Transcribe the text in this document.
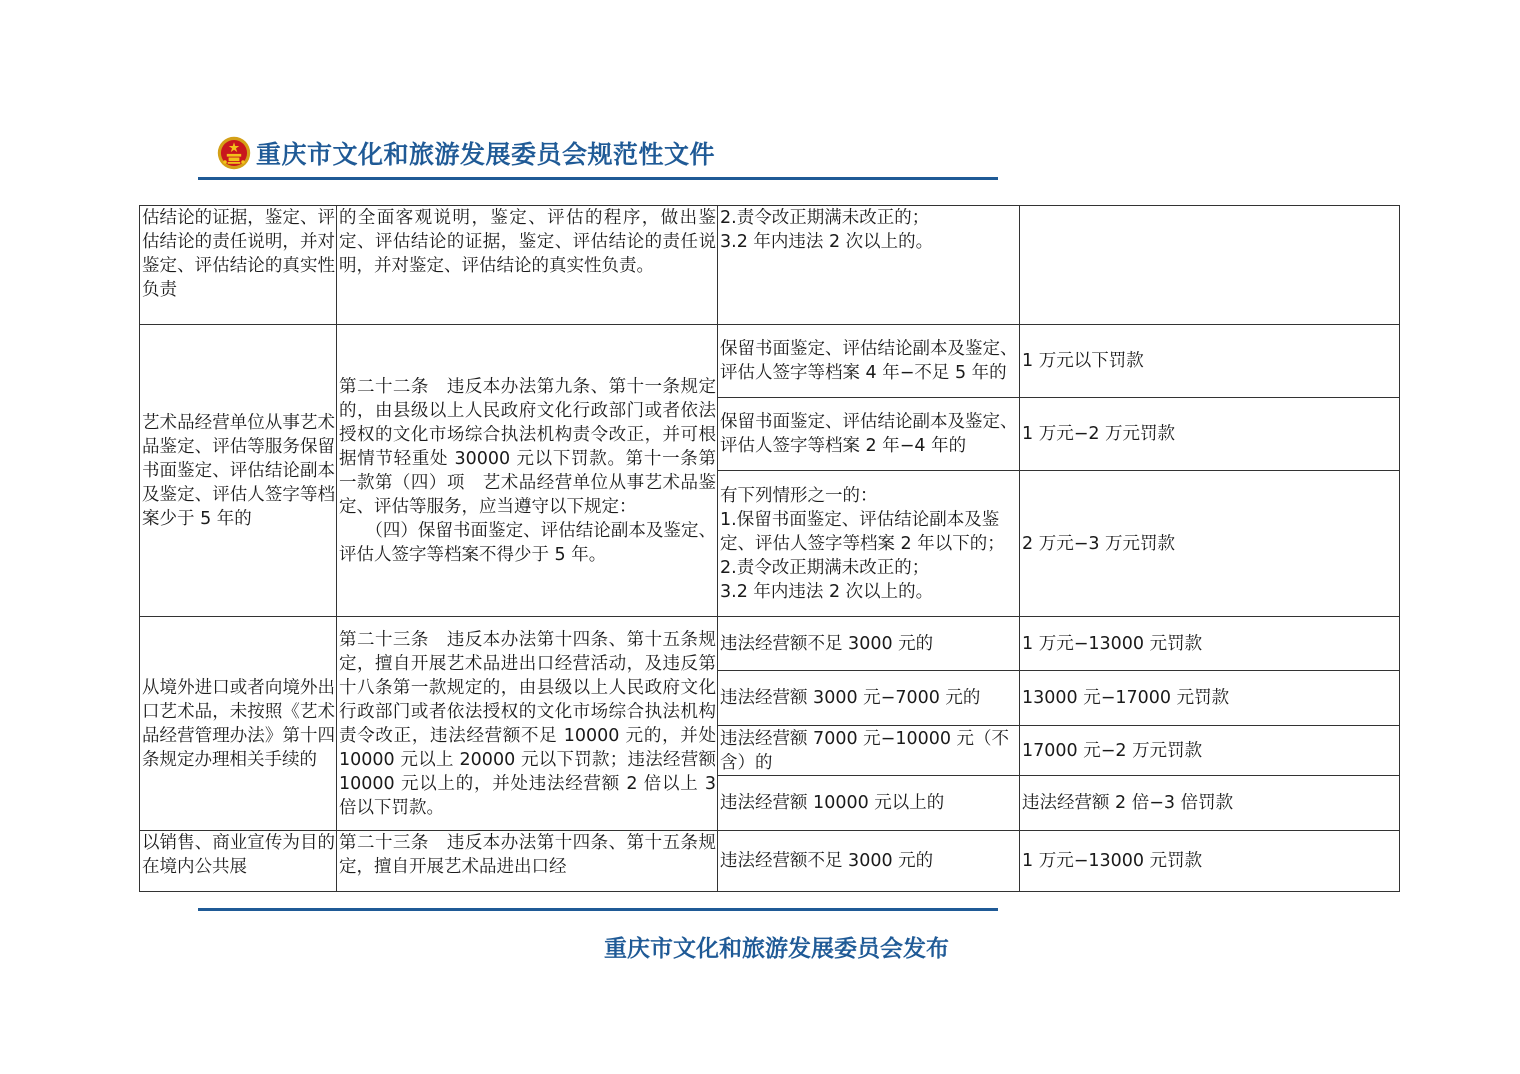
重庆市文化和旅游发展委员会规范性文件
估结论的证据，鉴定、评估结论的责任说明，并对鉴定、评估结论的真实性负责	的全面客观说明，鉴定、评估的程序，做出鉴定、评估结论的证据，鉴定、评估结论的责任说明，并对鉴定、评估结论的真实性负责。	2.责令改正期满未改正的；
3.2 年内违法 2 次以上的。	
艺术品经营单位从事艺术品鉴定、评估等服务保留书面鉴定、评估结论副本及鉴定、评估人签字等档案少于 5 年的	第二十二条　违反本办法第九条、第十一条规定的，由县级以上人民政府文化行政部门或者依法授权的文化市场综合执法机构责令改正，并可根据情节轻重处 30000 元以下罚款。第十一条第一款第（四）项　艺术品经营单位从事艺术品鉴定、评估等服务，应当遵守以下规定：
　　（四）保留书面鉴定、评估结论副本及鉴定、评估人签字等档案不得少于 5 年。	保留书面鉴定、评估结论副本及鉴定、评估人签字等档案 4 年−不足 5 年的	1 万元以下罚款
		保留书面鉴定、评估结论副本及鉴定、评估人签字等档案 2 年−4 年的	1 万元−2 万元罚款
		有下列情形之一的：
1.保留书面鉴定、评估结论副本及鉴定、评估人签字等档案 2 年以下的；
2.责令改正期满未改正的；
3.2 年内违法 2 次以上的。	2 万元−3 万元罚款
从境外进口或者向境外出口艺术品，未按照《艺术品经营管理办法》第十四条规定办理相关手续的	第二十三条　违反本办法第十四条、第十五条规定，擅自开展艺术品进出口经营活动，及违反第十八条第一款规定的，由县级以上人民政府文化行政部门或者依法授权的文化市场综合执法机构责令改正，违法经营额不足 10000 元的，并处 10000 元以上 20000 元以下罚款；违法经营额 10000 元以上的，并处违法经营额 2 倍以上 3 倍以下罚款。	违法经营额不足 3000 元的	1 万元−13000 元罚款
		违法经营额 3000 元−7000 元的	13000 元−17000 元罚款
		违法经营额 7000 元−10000 元（不含）的	17000 元−2 万元罚款
		违法经营额 10000 元以上的	违法经营额 2 倍−3 倍罚款
以销售、商业宣传为目的在境内公共展	第二十三条　违反本办法第十四条、第十五条规定，擅自开展艺术品进出口经	违法经营额不足 3000 元的	1 万元−13000 元罚款
重庆市文化和旅游发展委员会发布
